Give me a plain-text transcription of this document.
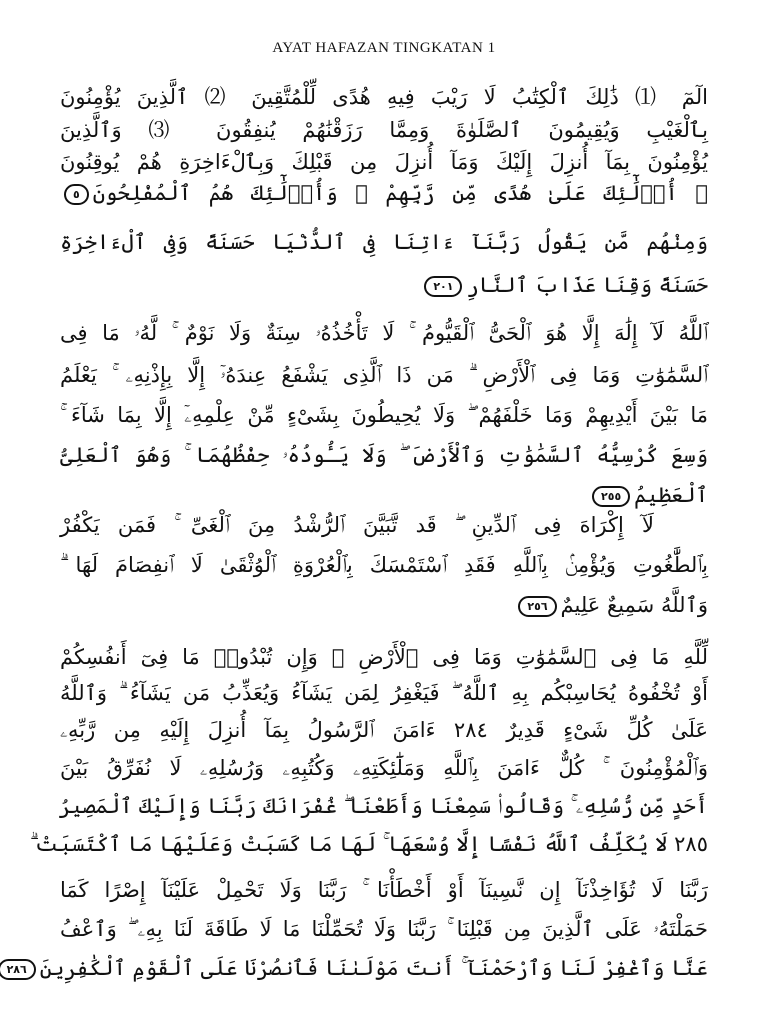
AYAT HAFAZAN TINGKATAN 1
الٓمٓ ⑴ ذَٰلِكَ ٱلْكِتَٰبُ لَا رَيْبَ فِيهِ هُدًى لِّلْمُتَّقِينَ ⑵ ٱلَّذِينَ يُؤْمِنُونَ
بِٱلْغَيْبِ وَيُقِيمُونَ ٱلصَّلَوٰةَ وَمِمَّا رَزَقْنَٰهُمْ يُنفِقُونَ ⑶ وَٱلَّذِينَ
يُؤْمِنُونَ بِمَآ أُنزِلَ إِلَيْكَ وَمَآ أُنزِلَ مِن قَبْلِكَ وَبِٱلْءَاخِرَةِ هُمْ يُوقِنُونَ
⑷ أُو۟لَٰٓئِكَ عَلَىٰ هُدًى مِّن رَّبِّهِمْ ۖ وَأُو۟لَٰٓئِكَ هُمُ ٱلْمُفْلِحُونَ٥
وَمِنْهُم مَّن يَقُولُ رَبَّنَآ ءَاتِنَا فِى ٱلدُّنْيَا حَسَنَةً وَفِى ٱلْءَاخِرَةِ
حَسَنَةً وَقِنَا عَذَابَ ٱلنَّارِ٢٠١
ٱللَّهُ لَآ إِلَٰهَ إِلَّا هُوَ ٱلْحَىُّ ٱلْقَيُّومُ ۚ لَا تَأْخُذُهُۥ سِنَةٌ وَلَا نَوْمٌ ۚ لَّهُۥ مَا فِى
ٱلسَّمَٰوَٰتِ وَمَا فِى ٱلْأَرْضِ ۗ مَن ذَا ٱلَّذِى يَشْفَعُ عِندَهُۥٓ إِلَّا بِإِذْنِهِۦ ۚ يَعْلَمُ
مَا بَيْنَ أَيْدِيهِمْ وَمَا خَلْفَهُمْ ۖ وَلَا يُحِيطُونَ بِشَىْءٍ مِّنْ عِلْمِهِۦٓ إِلَّا بِمَا شَآءَ ۚ
وَسِعَ كُرْسِيُّهُ ٱلسَّمَٰوَٰتِ وَٱلْأَرْضَ ۖ وَلَا يَـُٔودُهُۥ حِفْظُهُمَا ۚ وَهُوَ ٱلْعَلِىُّ
ٱلْعَظِيمُ٢٥٥
لَآ إِكْرَاهَ فِى ٱلدِّينِ ۖ قَد تَّبَيَّنَ ٱلرُّشْدُ مِنَ ٱلْغَىِّ ۚ فَمَن يَكْفُرْ
بِٱلطَّٰغُوتِ وَيُؤْمِنۢ بِٱللَّهِ فَقَدِ ٱسْتَمْسَكَ بِٱلْعُرْوَةِ ٱلْوُثْقَىٰ لَا ٱنفِصَامَ لَهَا ۗ
وَٱللَّهُ سَمِيعٌ عَلِيمٌ٢٥٦
لِّلَّهِ مَا فِى ٱلسَّمَٰوَٰتِ وَمَا فِى ٱلْأَرْضِ ۗ وَإِن تُبْدُوا۟ مَا فِىٓ أَنفُسِكُمْ
أَوْ تُخْفُوهُ يُحَاسِبْكُم بِهِ ٱللَّهُ ۖ فَيَغْفِرُ لِمَن يَشَآءُ وَيُعَذِّبُ مَن يَشَآءُ ۗ وَٱللَّهُ
عَلَىٰ كُلِّ شَىْءٍ قَدِيرٌ ٢٨٤ ءَامَنَ ٱلرَّسُولُ بِمَآ أُنزِلَ إِلَيْهِ مِن رَّبِّهِۦ
وَٱلْمُؤْمِنُونَ ۚ كُلٌّ ءَامَنَ بِٱللَّهِ وَمَلَٰٓئِكَتِهِۦ وَكُتُبِهِۦ وَرُسُلِهِۦ لَا نُفَرِّقُ بَيْنَ
أَحَدٍ مِّن رُّسُلِهِۦ ۚ وَقَالُوا۟ سَمِعْنَا وَأَطَعْنَا ۖ غُفْرَانَكَ رَبَّنَا وَإِلَيْكَ ٱلْمَصِيرُ
٢٨٥ لَا يُكَلِّفُ ٱللَّهُ نَفْسًا إِلَّا وُسْعَهَا ۚ لَهَا مَا كَسَبَتْ وَعَلَيْهَا مَا ٱكْتَسَبَتْ ۗ
رَبَّنَا لَا تُؤَاخِذْنَآ إِن نَّسِينَآ أَوْ أَخْطَأْنَا ۚ رَبَّنَا وَلَا تَحْمِلْ عَلَيْنَآ إِصْرًا كَمَا
حَمَلْتَهُۥ عَلَى ٱلَّذِينَ مِن قَبْلِنَا ۚ رَبَّنَا وَلَا تُحَمِّلْنَا مَا لَا طَاقَةَ لَنَا بِهِۦ ۖ وَٱعْفُ
عَنَّا وَٱغْفِرْ لَنَا وَٱرْحَمْنَآ ۚ أَنتَ مَوْلَىٰنَا فَٱنصُرْنَا عَلَى ٱلْقَوْمِ ٱلْكَٰفِرِينَ٢٨٦
